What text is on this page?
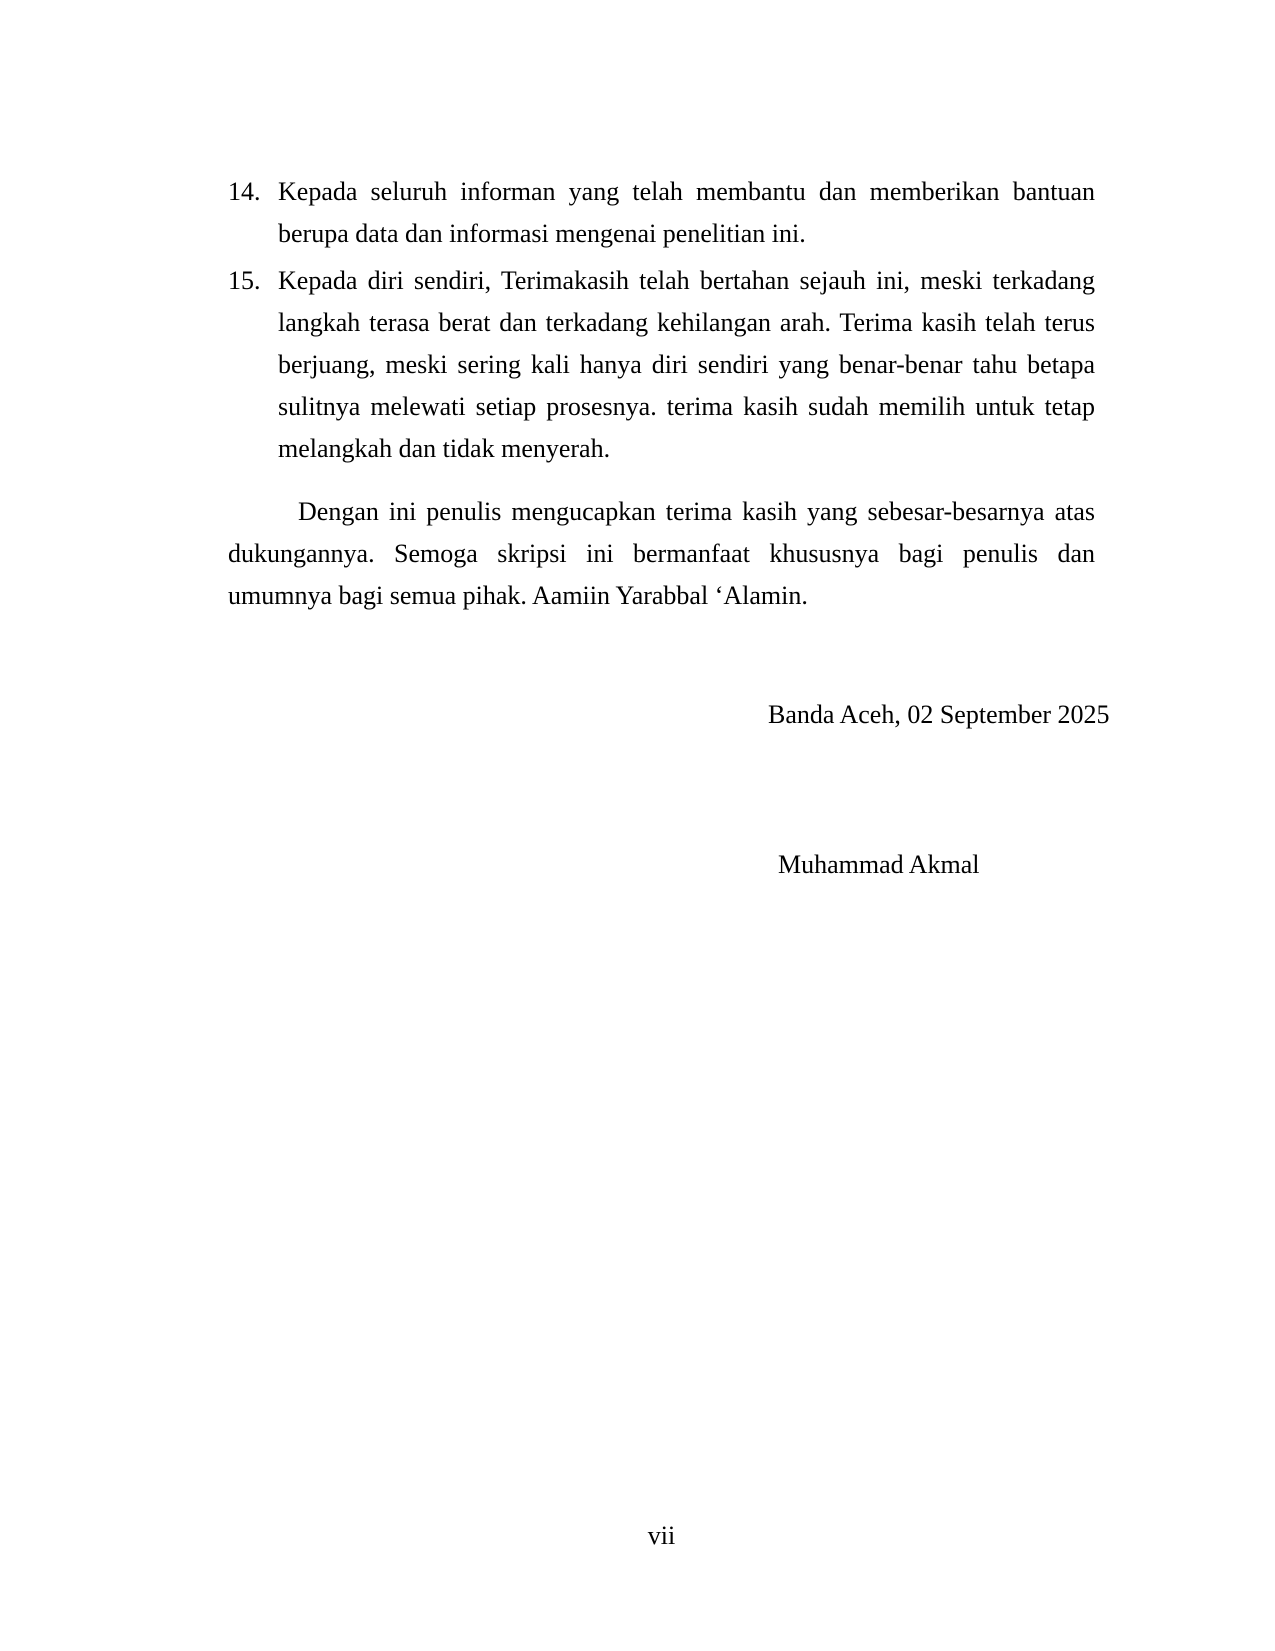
14. Kepada seluruh informan yang telah membantu dan memberikan bantuan berupa data dan informasi mengenai penelitian ini.
15. Kepada diri sendiri, Terimakasih telah bertahan sejauh ini, meski terkadang langkah terasa berat dan terkadang kehilangan arah. Terima kasih telah terus berjuang, meski sering kali hanya diri sendiri yang benar-benar tahu betapa sulitnya melewati setiap prosesnya. terima kasih sudah memilih untuk tetap melangkah dan tidak menyerah.

Dengan ini penulis mengucapkan terima kasih yang sebesar-besarnya atas dukungannya. Semoga skripsi ini bermanfaat khususnya bagi penulis dan umumnya bagi semua pihak. Aamiin Yarabbal ‘Alamin.

Banda Aceh, 02 September 2025
Muhammad Akmal
vii
